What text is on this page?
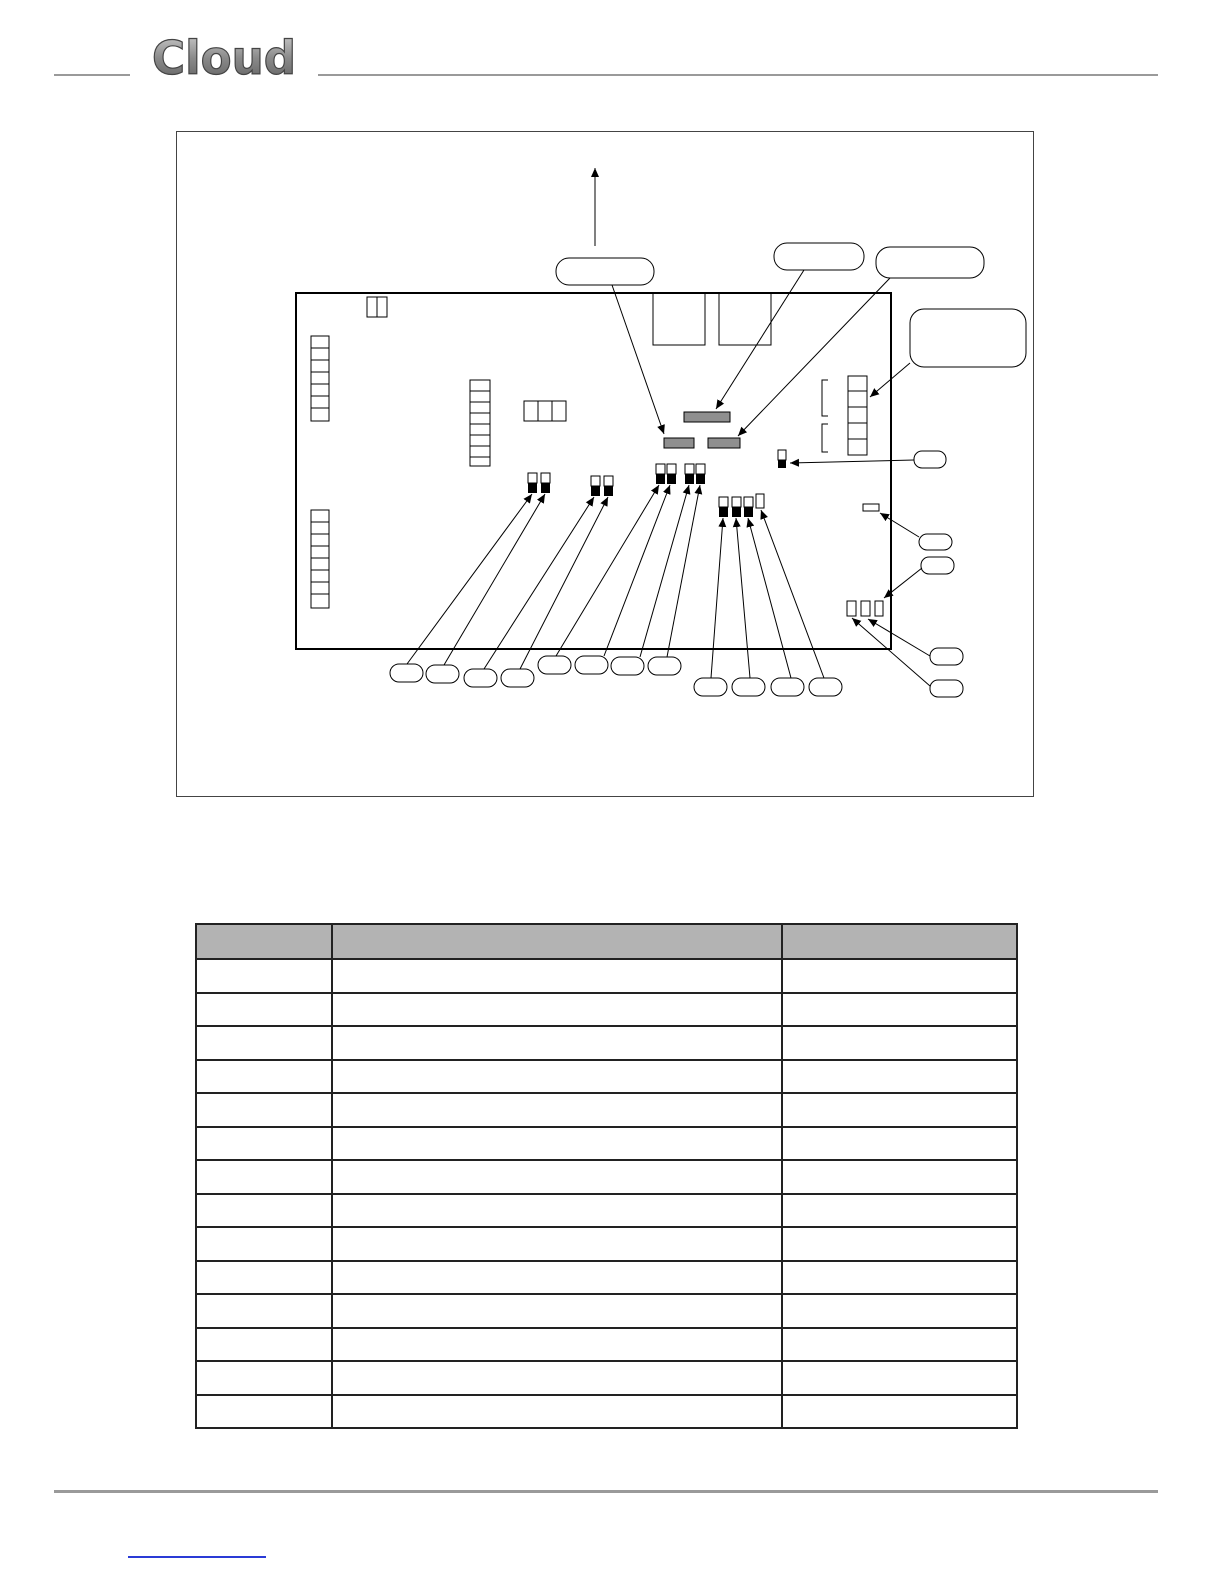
Cloud
